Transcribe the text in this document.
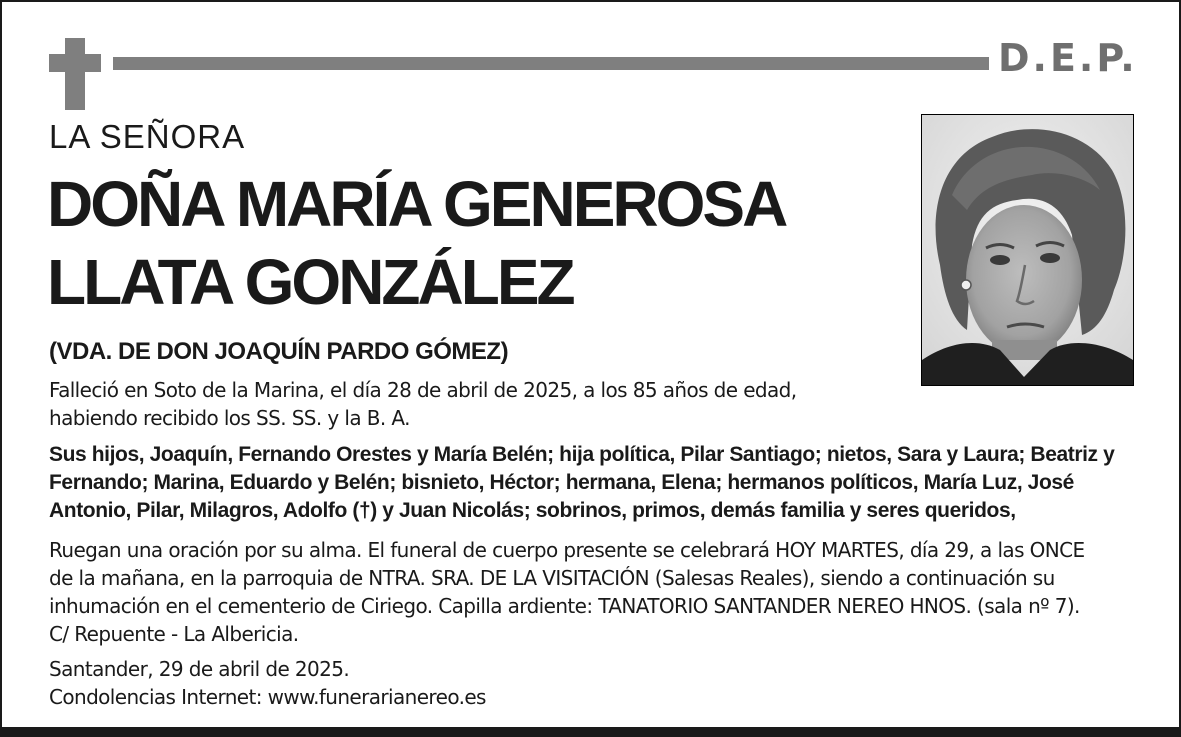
D.E.P.
LA SEÑORA
DOÑA MARÍA GENEROSA
LLATA GONZÁLEZ
(VDA. DE DON JOAQUÍN PARDO GÓMEZ)

Falleció en Soto de la Marina, el día 28 de abril de 2025, a los 85 años de edad,

habiendo recibido los SS. SS. y la B. A.

Sus hijos, Joaquín, Fernando Orestes y María Belén; hija política, Pilar Santiago; nietos, Sara y Laura; Beatriz y

Fernando; Marina, Eduardo y Belén; bisnieto, Héctor; hermana, Elena; hermanos políticos, María Luz, José

Antonio, Pilar, Milagros, Adolfo (†) y Juan Nicolás; sobrinos, primos, demás familia y seres queridos,

Ruegan una oración por su alma. El funeral de cuerpo presente se celebrará HOY MARTES, día 29, a las ONCE

de la mañana, en la parroquia de NTRA. SRA. DE LA VISITACIÓN (Salesas Reales), siendo a continuación su

inhumación en el cementerio de Ciriego. Capilla ardiente: TANATORIO SANTANDER NEREO HNOS. (sala nº 7).

C/ Repuente - La Albericia.

Santander, 29 de abril de 2025.

Condolencias Internet: www.funerarianereo.es
